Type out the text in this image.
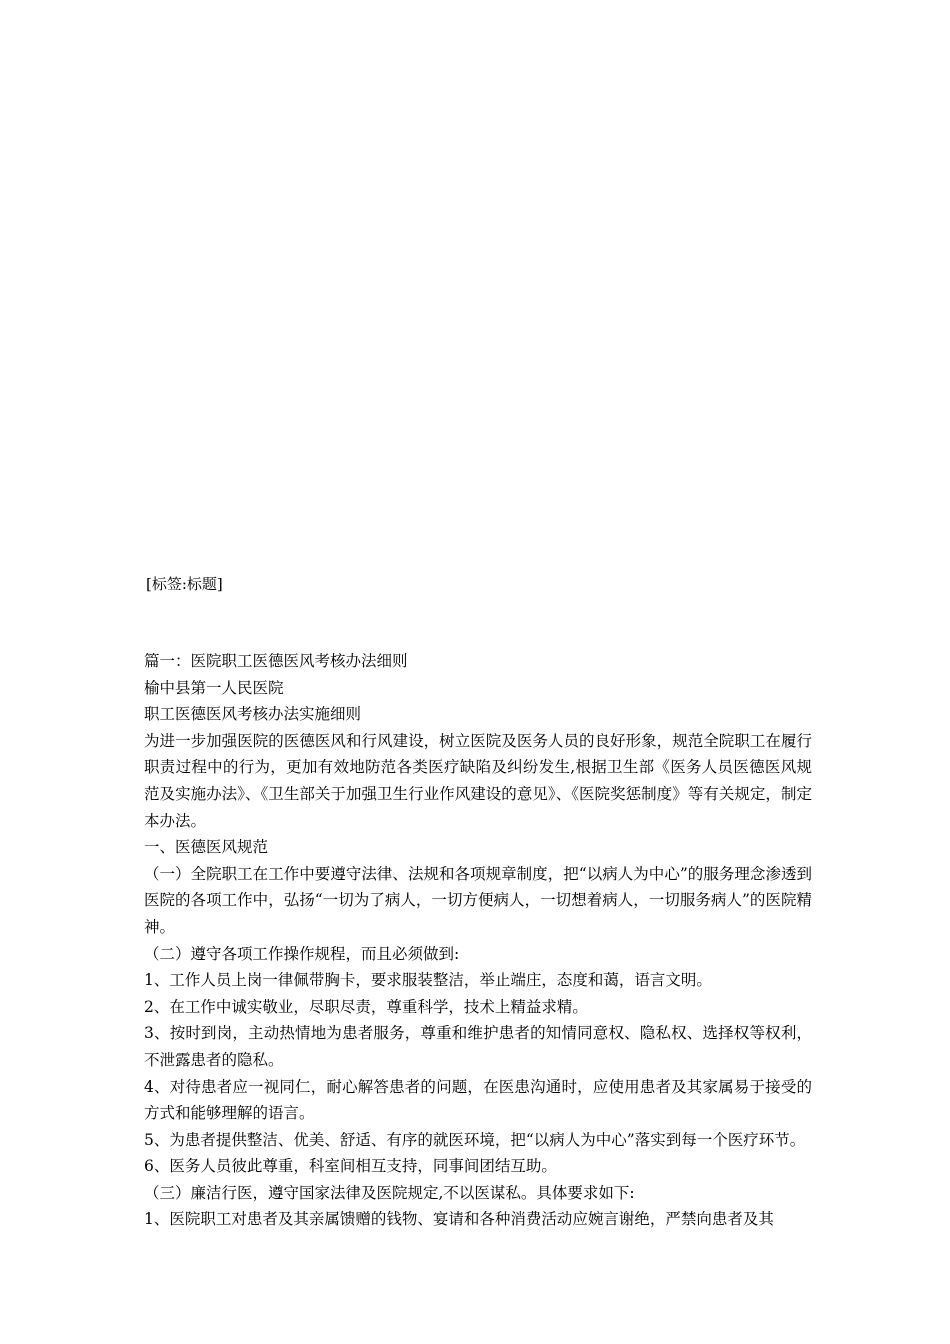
[标签:标题]

篇一：医院职工医德医风考核办法细则

榆中县第一人民医院

职工医德医风考核办法实施细则

为进一步加强医院的医德医风和行风建设，树立医院及医务人员的良好形象，规范全院职工在履行职责过程中的行为，更加有效地防范各类医疗缺陷及纠纷发生,根据卫生部《医务人员医德医风规范及实施办法》、《卫生部关于加强卫生行业作风建设的意见》、《医院奖惩制度》等有关规定，制定本办法。

一、医德医风规范

（一）全院职工在工作中要遵守法律、法规和各项规章制度，把“以病人为中心”的服务理念渗透到医院的各项工作中，弘扬“一切为了病人，一切方便病人，一切想着病人，一切服务病人”的医院精神。

（二）遵守各项工作操作规程，而且必须做到:

1、工作人员上岗一律佩带胸卡，要求服装整洁，举止端庄，态度和蔼，语言文明。

2、在工作中诚实敬业，尽职尽责，尊重科学，技术上精益求精。

3、按时到岗，主动热情地为患者服务，尊重和维护患者的知情同意权、隐私权、选择权等权利，不泄露患者的隐私。

4、对待患者应一视同仁，耐心解答患者的问题，在医患沟通时，应使用患者及其家属易于接受的方式和能够理解的语言。

5、为患者提供整洁、优美、舒适、有序的就医环境，把“以病人为中心”落实到每一个医疗环节。

6、医务人员彼此尊重，科室间相互支持，同事间团结互助。

（三）廉洁行医，遵守国家法律及医院规定,不以医谋私。具体要求如下:

1、医院职工对患者及其亲属馈赠的钱物、宴请和各种消费活动应婉言谢绝，严禁向患者及其
